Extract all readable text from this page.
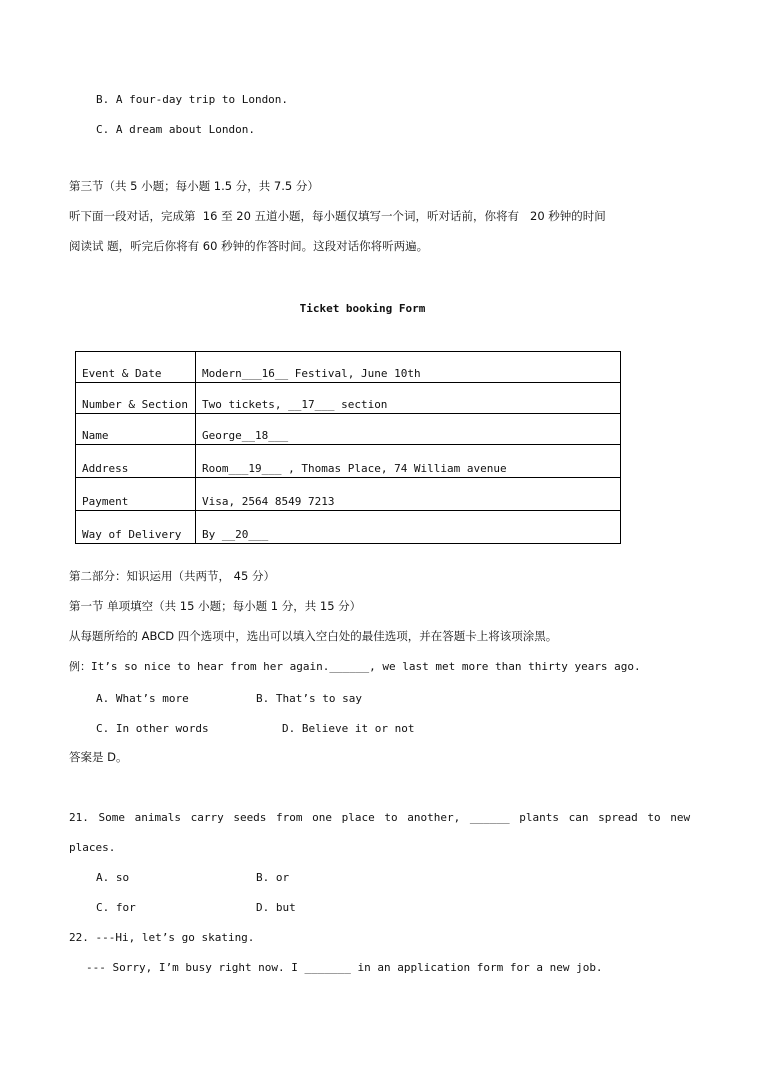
B. A four-day trip to London.
C. A dream about London.
第三节（共 5 小题；每小题 1.5 分，共 7.5 分）
听下面一段对话，完成第  16 至 20 五道小题，每小题仅填写一个词，听对话前，你将有   20 秒钟的时间
阅读试 题，听完后你将有 60 秒钟的作答时间。这段对话你将听两遍。
Ticket booking Form
Event & Date	Modern___16__ Festival, June 10th
Number & Section	Two tickets, __17___ section
Name	George__18___
Address	Room___19___ , Thomas Place, 74 William avenue
Payment	Visa, 2564 8549 7213
Way of Delivery	By __20___
第二部分：知识运用（共两节， 45 分）
第一节 单项填空（共 15 小题；每小题 1 分，共 15 分）
从每题所给的 ABCD 四个选项中，选出可以填入空白处的最佳选项，并在答题卡上将该项涂黑。
例：It’s so nice to hear from her again.______, we last met more than thirty years ago.
A. What’s more	B. That’s to say
C. In other words	D. Believe it or not
答案是 D。
21. Some animals carry seeds from one place to another, ______ plants can spread to new
places.
A. so	B. or
C. for	D. but
22. ---Hi, let’s go skating.
--- Sorry, I’m busy right now. I _______ in an application form for a new job.
